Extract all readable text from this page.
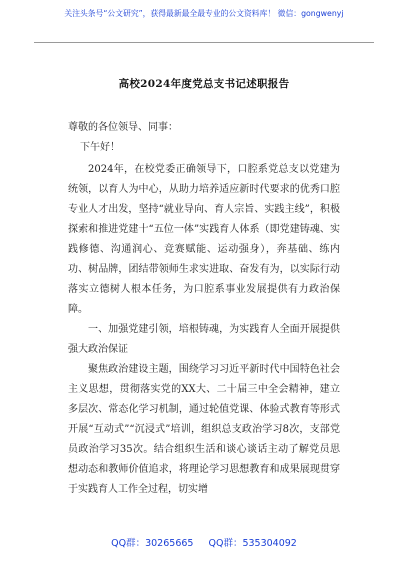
关注头条号“公文研究”，获得最新最全最专业的公文资料库！ 微信：gongwenyj
高校2024年度党总支书记述职报告
尊敬的各位领导、同事：
下午好！

2024年，在校党委正确领导下，口腔系党总支以党建为统领，以育人为中心，从助力培养适应新时代要求的优秀口腔专业人才出发，坚持“就业导向、育人宗旨、实践主线”，积极探索和推进党建十“五位一体”实践育人体系（即党建铸魂、实践修德、沟通润心、竞赛赋能、运动强身），奔基础、练内功、树品牌，团结带领师生求实进取、奋发有为，以实际行动落实立德树人根本任务，为口腔系事业发展提供有力政治保障。

一、加强党建引领，培根铸魂，为实践育人全面开展提供强大政治保证

聚焦政治建设主题，围绕学习习近平新时代中国特色社会主义思想，贯彻落实党的XX大、二十届三中全会精神，建立多层次、常态化学习机制，通过轮值党课、体验式教育等形式开展“互动式”“沉浸式”培训，组织总支政治学习8次，支部党员政治学习35次。结合组织生活和谈心谈话主动了解党员思想动态和教师价值追求，将理论学习思想教育和成果展现贯穿于实践育人工作全过程，切实增

QQ群：30265665 QQ群：535304092
